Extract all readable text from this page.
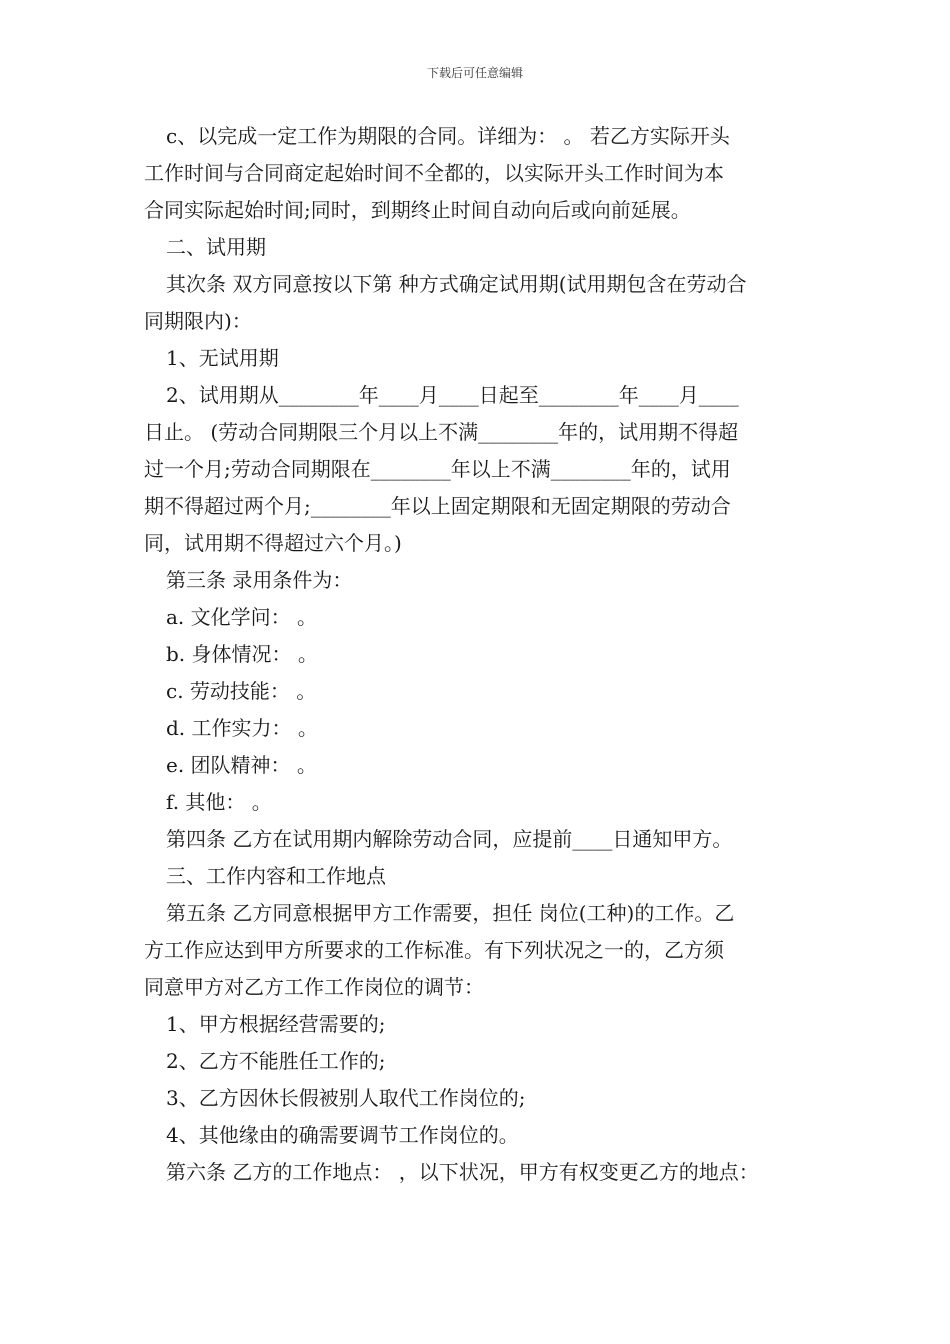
下载后可任意编辑
c、以完成一定工作为期限的合同。详细为： 。 若乙方实际开头
工作时间与合同商定起始时间不全都的，以实际开头工作时间为本
合同实际起始时间;同时，到期终止时间自动向后或向前延展。
二、试用期
其次条 双方同意按以下第 种方式确定试用期(试用期包含在劳动合
同期限内)：
1、无试用期
2、试用期从________年____月____日起至________年____月____
日止。 (劳动合同期限三个月以上不满________年的，试用期不得超
过一个月;劳动合同期限在________年以上不满________年的，试用
期不得超过两个月;________年以上固定期限和无固定期限的劳动合
同，试用期不得超过六个月。)
第三条 录用条件为：
a. 文化学问： 。
b. 身体情况： 。
c. 劳动技能： 。
d. 工作实力： 。
e. 团队精神： 。
f. 其他： 。
第四条 乙方在试用期内解除劳动合同，应提前____日通知甲方。
三、工作内容和工作地点
第五条 乙方同意根据甲方工作需要，担任 岗位(工种)的工作。乙
方工作应达到甲方所要求的工作标准。有下列状况之一的，乙方须
同意甲方对乙方工作工作岗位的调节：
1、甲方根据经营需要的;
2、乙方不能胜任工作的;
3、乙方因休长假被别人取代工作岗位的;
4、其他缘由的确需要调节工作岗位的。
第六条 乙方的工作地点： ，以下状况，甲方有权变更乙方的地点：
